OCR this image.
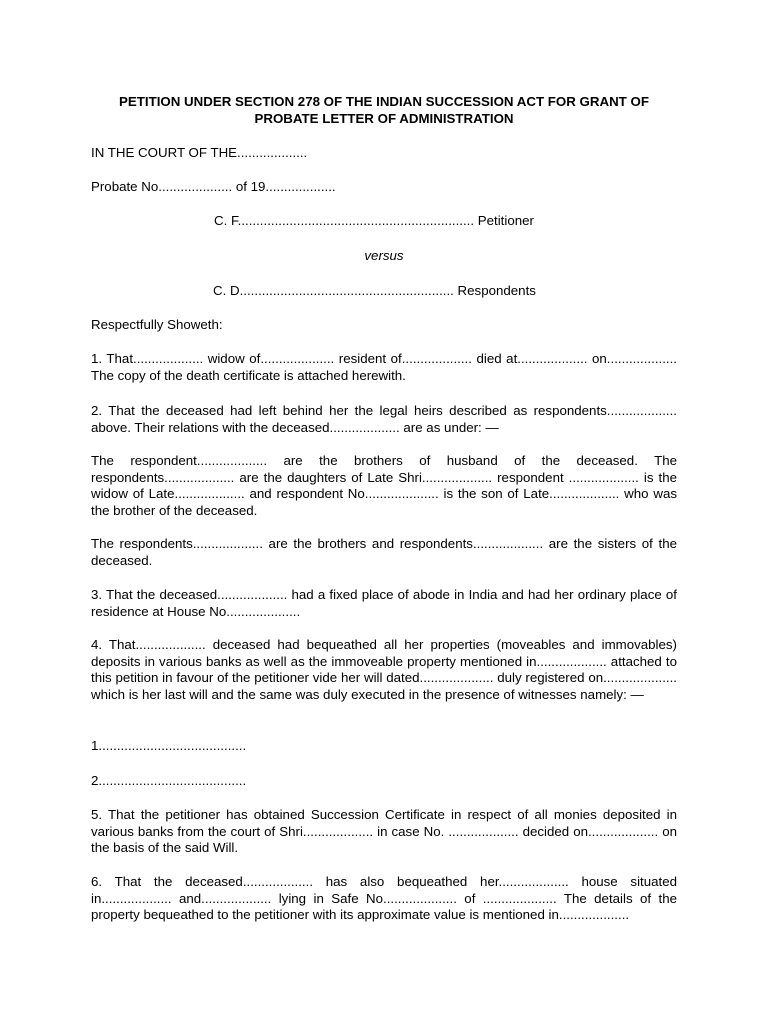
PETITION UNDER SECTION 278 OF THE INDIAN SUCCESSION ACT FOR GRANT OF PROBATE LETTER OF ADMINISTRATION
IN THE COURT OF THE...................
Probate No.................... of 19...................
C. F................................................................ Petitioner
versus
C. D.......................................................... Respondents
Respectfully Showeth:
1. That................... widow of.................... resident of................... died at................... on................... The copy of the death certificate is attached herewith.
2. That the deceased had left behind her the legal heirs described as respondents................... above. Their relations with the deceased................... are as under: —
The respondent................... are the brothers of husband of the deceased. The respondents................... are the daughters of Late Shri................... respondent ................... is the widow of Late................... and respondent No.................... is the son of Late................... who was the brother of the deceased.
The respondents................... are the brothers and respondents................... are the sisters of the deceased.
3. That the deceased................... had a fixed place of abode in India and had her ordinary place of residence at House No....................
4. That................... deceased had bequeathed all her properties (moveables and immovables) deposits in various banks as well as the immoveable property mentioned in................... attached to this petition in favour of the petitioner vide her will dated.................... duly registered on.................... which is her last will and the same was duly executed in the presence of witnesses namely: —
1........................................
2........................................
5. That the petitioner has obtained Succession Certificate in respect of all monies deposited in various banks from the court of Shri................... in case No. ................... decided on................... on the basis of the said Will.
6. That the deceased................... has also bequeathed her................... house situated in................... and................... lying in Safe No.................... of .................... The details of the property bequeathed to the petitioner with its approximate value is mentioned in...................
